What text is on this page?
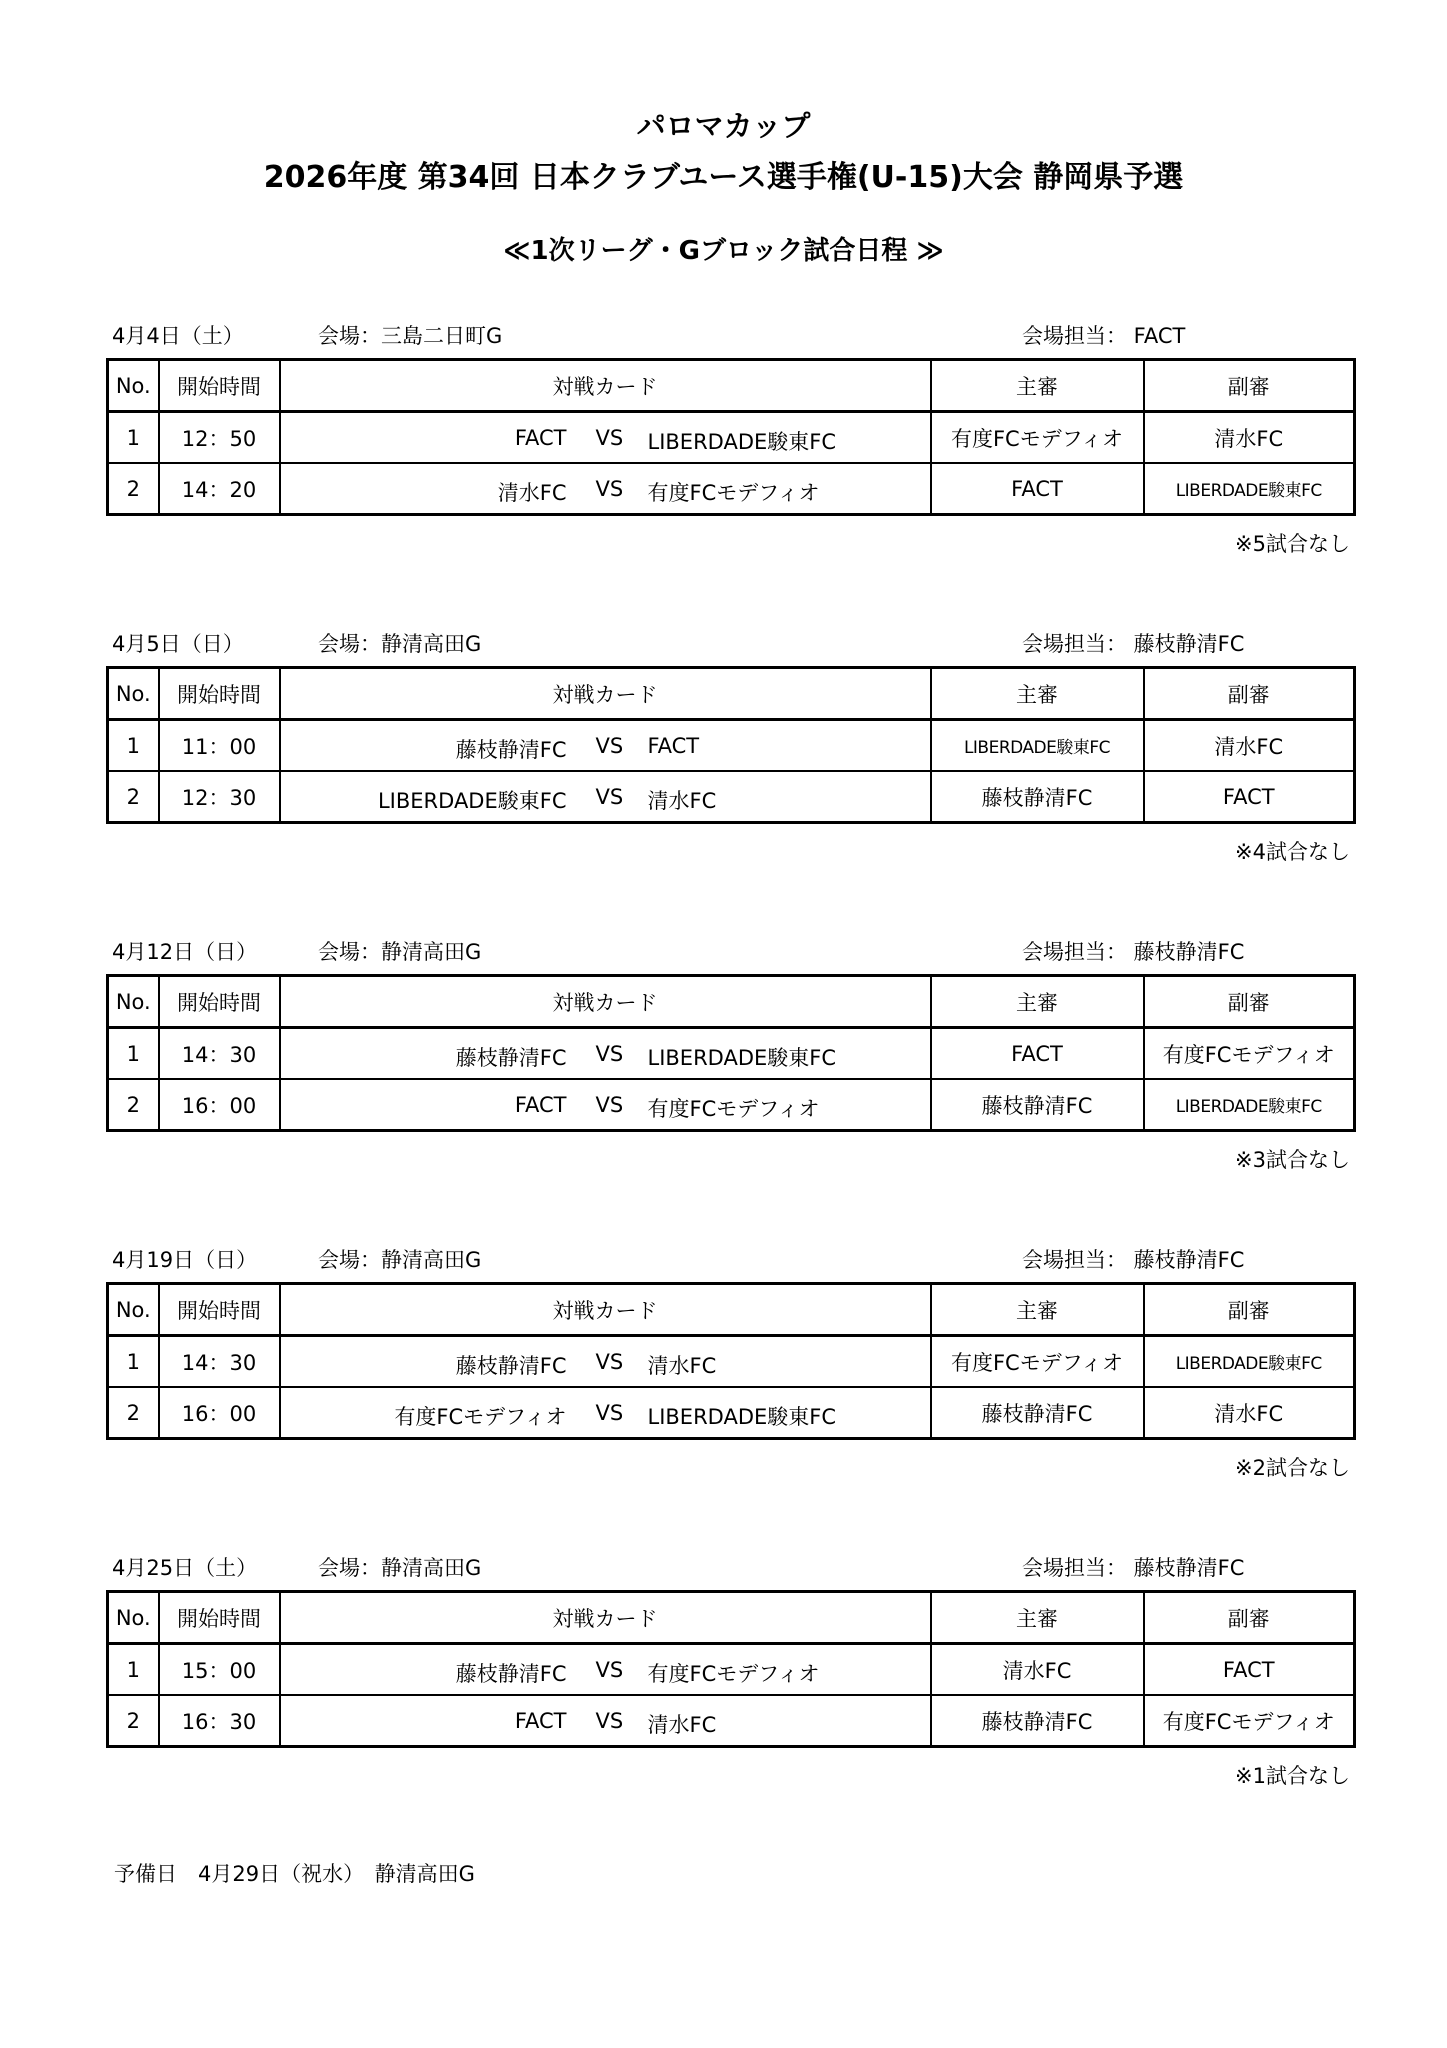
パロマカップ
2026年度 第34回 日本クラブユース選手権(U-15)大会 静岡県予選
≪1次リーグ・Gブロック試合日程 ≫
4月4日（土）	会場：三島二日町G	会場担当： FACT
No.	開始時間	対戦カード	主審	副審
1	12：50	FACT VS LIBERDADE駿東FC	有度FCモデフィオ	清水FC
2	14：20	清水FC VS 有度FCモデフィオ	FACT	LIBERDADE駿東FC
※5試合なし
4月5日（日）	会場：静清高田G	会場担当： 藤枝静清FC
No.	開始時間	対戦カード	主審	副審
1	11：00	藤枝静清FC VS FACT	LIBERDADE駿東FC	清水FC
2	12：30	LIBERDADE駿東FC VS 清水FC	藤枝静清FC	FACT
※4試合なし
4月12日（日）	会場：静清高田G	会場担当： 藤枝静清FC
No.	開始時間	対戦カード	主審	副審
1	14：30	藤枝静清FC VS LIBERDADE駿東FC	FACT	有度FCモデフィオ
2	16：00	FACT VS 有度FCモデフィオ	藤枝静清FC	LIBERDADE駿東FC
※3試合なし
4月19日（日）	会場：静清高田G	会場担当： 藤枝静清FC
No.	開始時間	対戦カード	主審	副審
1	14：30	藤枝静清FC VS 清水FC	有度FCモデフィオ	LIBERDADE駿東FC
2	16：00	有度FCモデフィオ VS LIBERDADE駿東FC	藤枝静清FC	清水FC
※2試合なし
4月25日（土）	会場：静清高田G	会場担当： 藤枝静清FC
No.	開始時間	対戦カード	主審	副審
1	15：00	藤枝静清FC VS 有度FCモデフィオ	清水FC	FACT
2	16：30	FACT VS 清水FC	藤枝静清FC	有度FCモデフィオ
※1試合なし
予備日　4月29日（祝水）　静清高田G
